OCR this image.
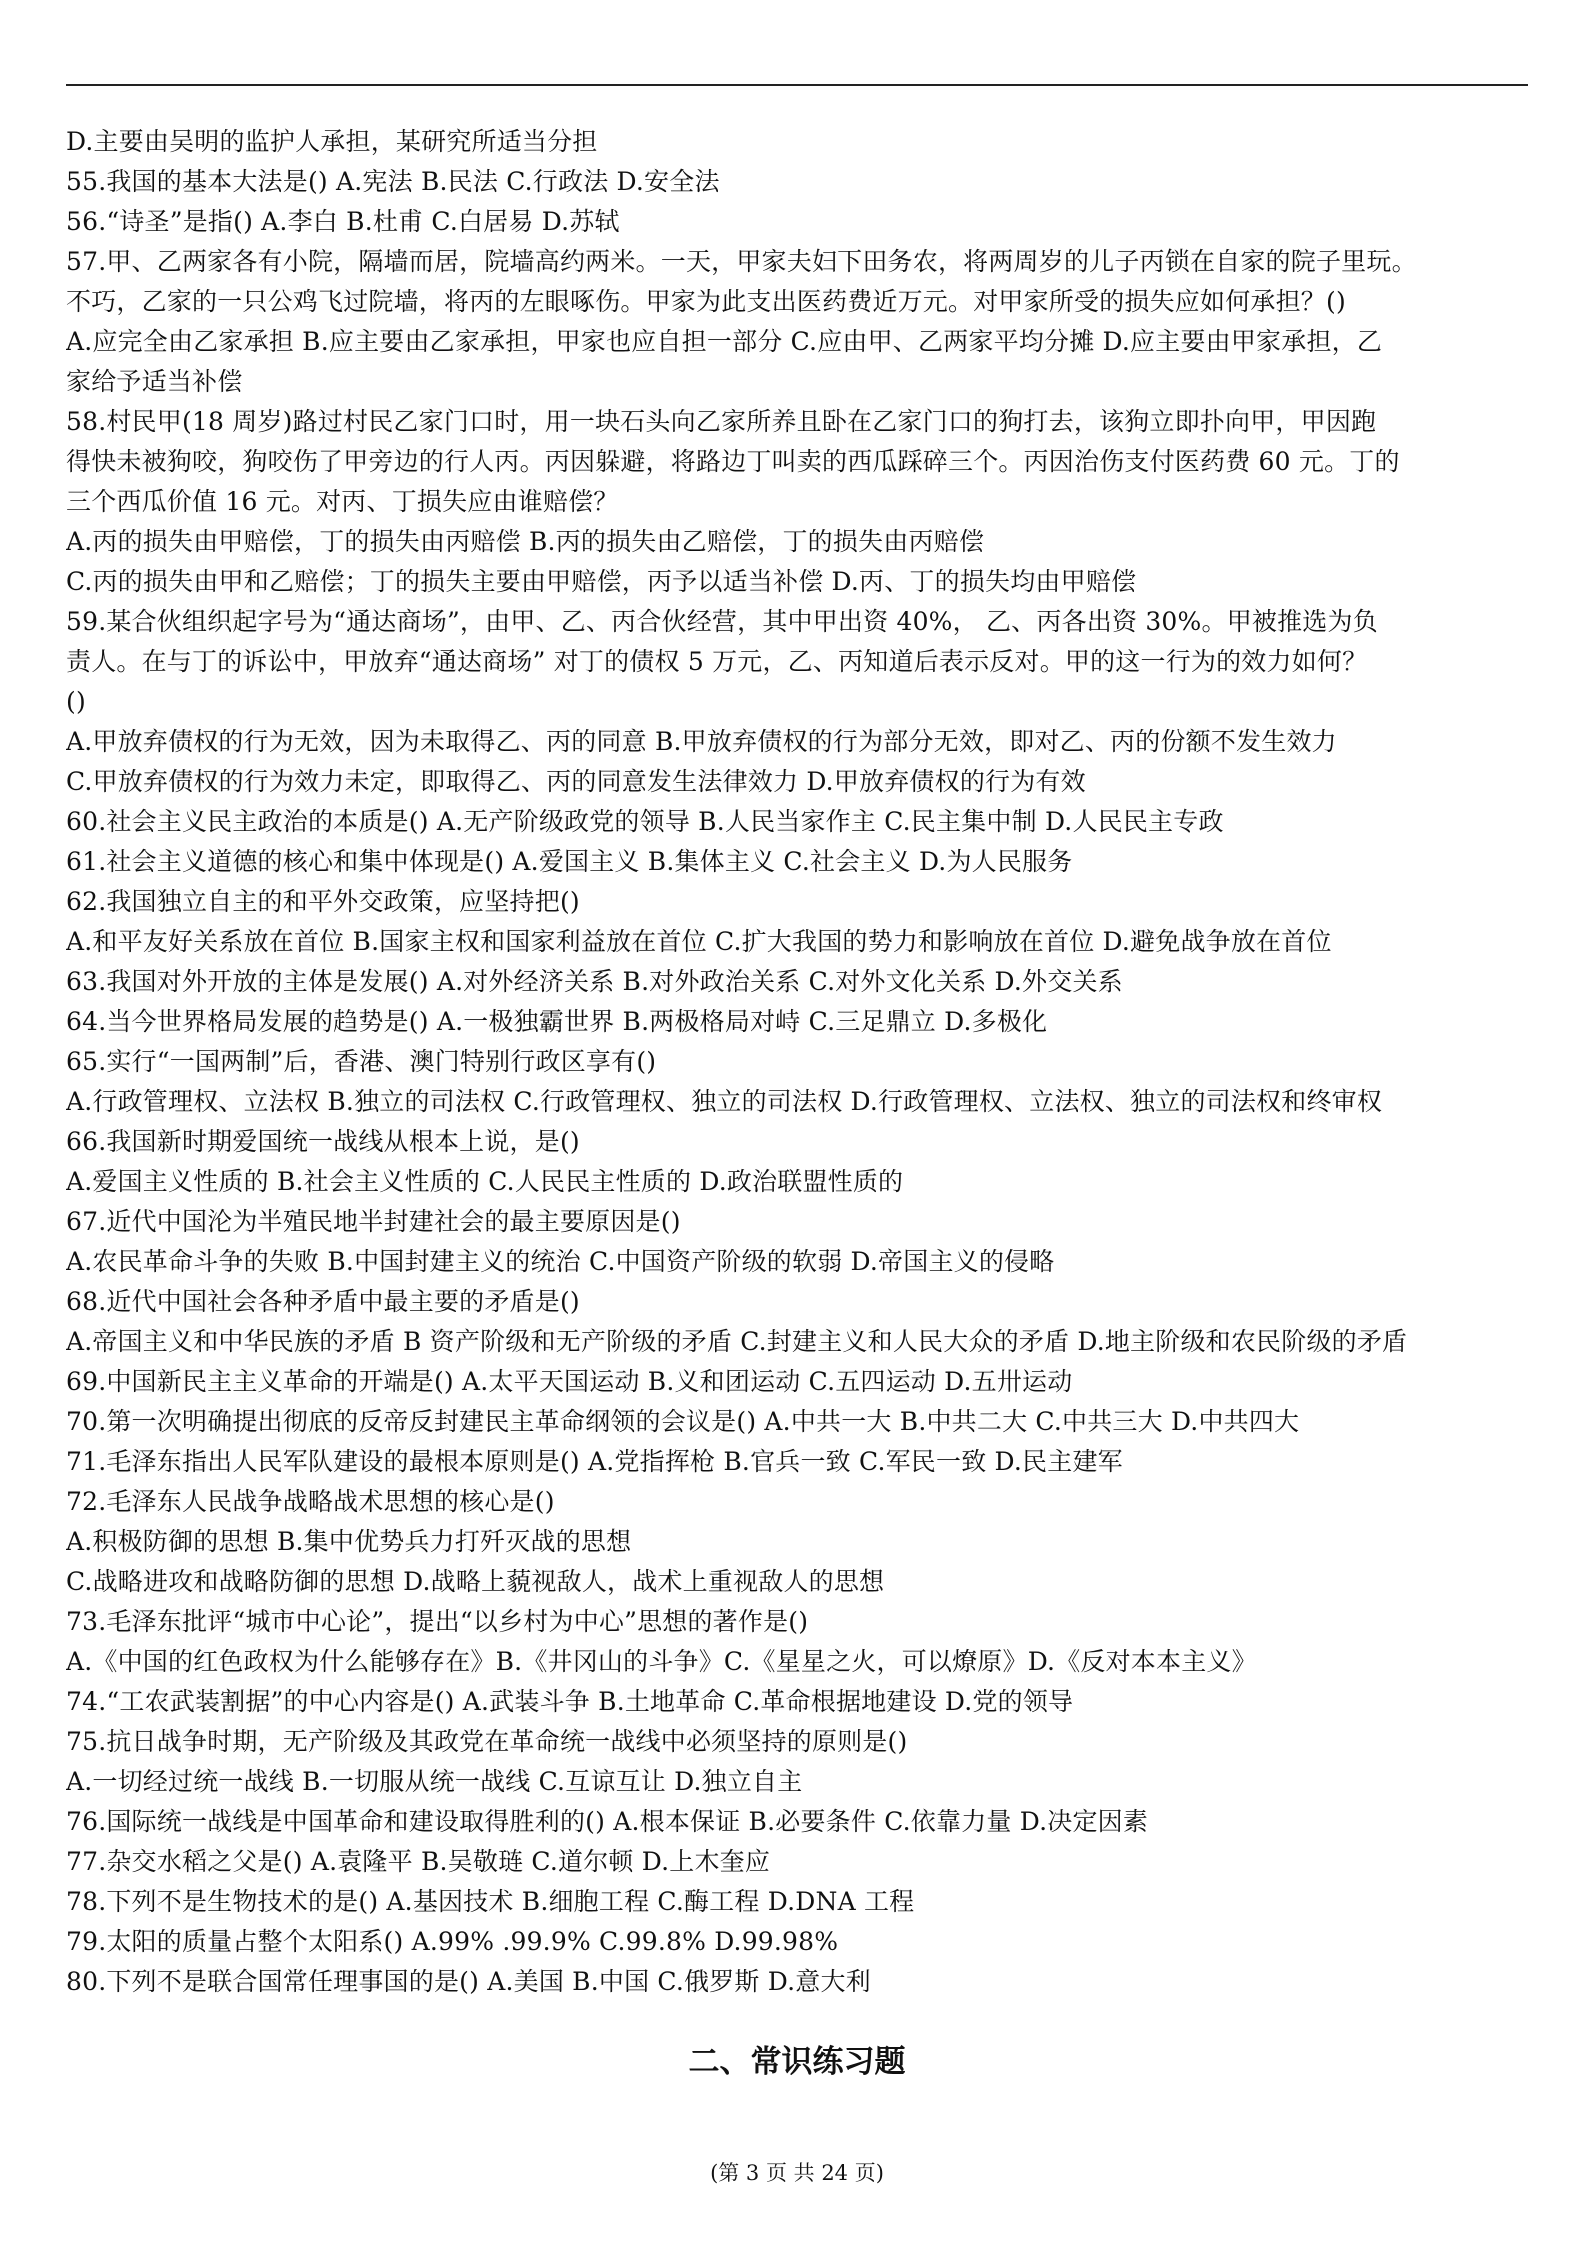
D.主要由吴明的监护人承担，某研究所适当分担
55.我国的基本大法是() A.宪法 B.民法 C.行政法 D.安全法
56.“诗圣”是指() A.李白 B.杜甫 C.白居易 D.苏轼
57.甲、乙两家各有小院，隔墙而居，院墙高约两米。一天，甲家夫妇下田务农，将两周岁的儿子丙锁在自家的院子里玩。
不巧，乙家的一只公鸡飞过院墙，将丙的左眼啄伤。甲家为此支出医药费近万元。对甲家所受的损失应如何承担？()
A.应完全由乙家承担 B.应主要由乙家承担，甲家也应自担一部分 C.应由甲、乙两家平均分摊 D.应主要由甲家承担，乙
家给予适当补偿
58.村民甲(18 周岁)路过村民乙家门口时，用一块石头向乙家所养且卧在乙家门口的狗打去，该狗立即扑向甲，甲因跑
得快未被狗咬，狗咬伤了甲旁边的行人丙。丙因躲避，将路边丁叫卖的西瓜踩碎三个。丙因治伤支付医药费 60 元。丁的
三个西瓜价值 16 元。对丙、丁损失应由谁赔偿？
A.丙的损失由甲赔偿，丁的损失由丙赔偿 B.丙的损失由乙赔偿，丁的损失由丙赔偿
C.丙的损失由甲和乙赔偿；丁的损失主要由甲赔偿，丙予以适当补偿 D.丙、丁的损失均由甲赔偿
59.某合伙组织起字号为“通达商场”，由甲、乙、丙合伙经营，其中甲出资 40%， 乙、丙各出资 30%。甲被推选为负
责人。在与丁的诉讼中，甲放弃“通达商场” 对丁的债权 5 万元，乙、丙知道后表示反对。甲的这一行为的效力如何？
()
A.甲放弃债权的行为无效，因为未取得乙、丙的同意 B.甲放弃债权的行为部分无效，即对乙、丙的份额不发生效力
C.甲放弃债权的行为效力未定，即取得乙、丙的同意发生法律效力 D.甲放弃债权的行为有效
60.社会主义民主政治的本质是() A.无产阶级政党的领导 B.人民当家作主 C.民主集中制 D.人民民主专政
61.社会主义道德的核心和集中体现是() A.爱国主义 B.集体主义 C.社会主义 D.为人民服务
62.我国独立自主的和平外交政策，应坚持把()
A.和平友好关系放在首位 B.国家主权和国家利益放在首位 C.扩大我国的势力和影响放在首位 D.避免战争放在首位
63.我国对外开放的主体是发展() A.对外经济关系 B.对外政治关系 C.对外文化关系 D.外交关系
64.当今世界格局发展的趋势是() A.一极独霸世界 B.两极格局对峙 C.三足鼎立 D.多极化
65.实行“一国两制”后，香港、澳门特别行政区享有()
A.行政管理权、立法权 B.独立的司法权 C.行政管理权、独立的司法权 D.行政管理权、立法权、独立的司法权和终审权
66.我国新时期爱国统一战线从根本上说，是()
A.爱国主义性质的 B.社会主义性质的 C.人民民主性质的 D.政治联盟性质的
67.近代中国沦为半殖民地半封建社会的最主要原因是()
A.农民革命斗争的失败 B.中国封建主义的统治 C.中国资产阶级的软弱 D.帝国主义的侵略
68.近代中国社会各种矛盾中最主要的矛盾是()
A.帝国主义和中华民族的矛盾 B 资产阶级和无产阶级的矛盾 C.封建主义和人民大众的矛盾 D.地主阶级和农民阶级的矛盾
69.中国新民主主义革命的开端是() A.太平天国运动 B.义和团运动 C.五四运动 D.五卅运动
70.第一次明确提出彻底的反帝反封建民主革命纲领的会议是() A.中共一大 B.中共二大 C.中共三大 D.中共四大
71.毛泽东指出人民军队建设的最根本原则是() A.党指挥枪 B.官兵一致 C.军民一致 D.民主建军
72.毛泽东人民战争战略战术思想的核心是()
A.积极防御的思想 B.集中优势兵力打歼灭战的思想
C.战略进攻和战略防御的思想 D.战略上藐视敌人，战术上重视敌人的思想
73.毛泽东批评“城市中心论”，提出“以乡村为中心”思想的著作是()
A.《中国的红色政权为什么能够存在》B.《井冈山的斗争》C.《星星之火，可以燎原》D.《反对本本主义》
74.“工农武装割据”的中心内容是() A.武装斗争 B.土地革命 C.革命根据地建设 D.党的领导
75.抗日战争时期，无产阶级及其政党在革命统一战线中必须坚持的原则是()
A.一切经过统一战线 B.一切服从统一战线 C.互谅互让 D.独立自主
76.国际统一战线是中国革命和建设取得胜利的() A.根本保证 B.必要条件 C.依靠力量 D.决定因素
77.杂交水稻之父是() A.袁隆平 B.吴敬琏 C.道尔顿 D.上木奎应
78.下列不是生物技术的是() A.基因技术 B.细胞工程 C.酶工程 D.DNA 工程
79.太阳的质量占整个太阳系() A.99% .99.9% C.99.8% D.99.98%
80.下列不是联合国常任理事国的是() A.美国 B.中国 C.俄罗斯 D.意大利
二、常识练习题
(第 3 页 共 24 页)
